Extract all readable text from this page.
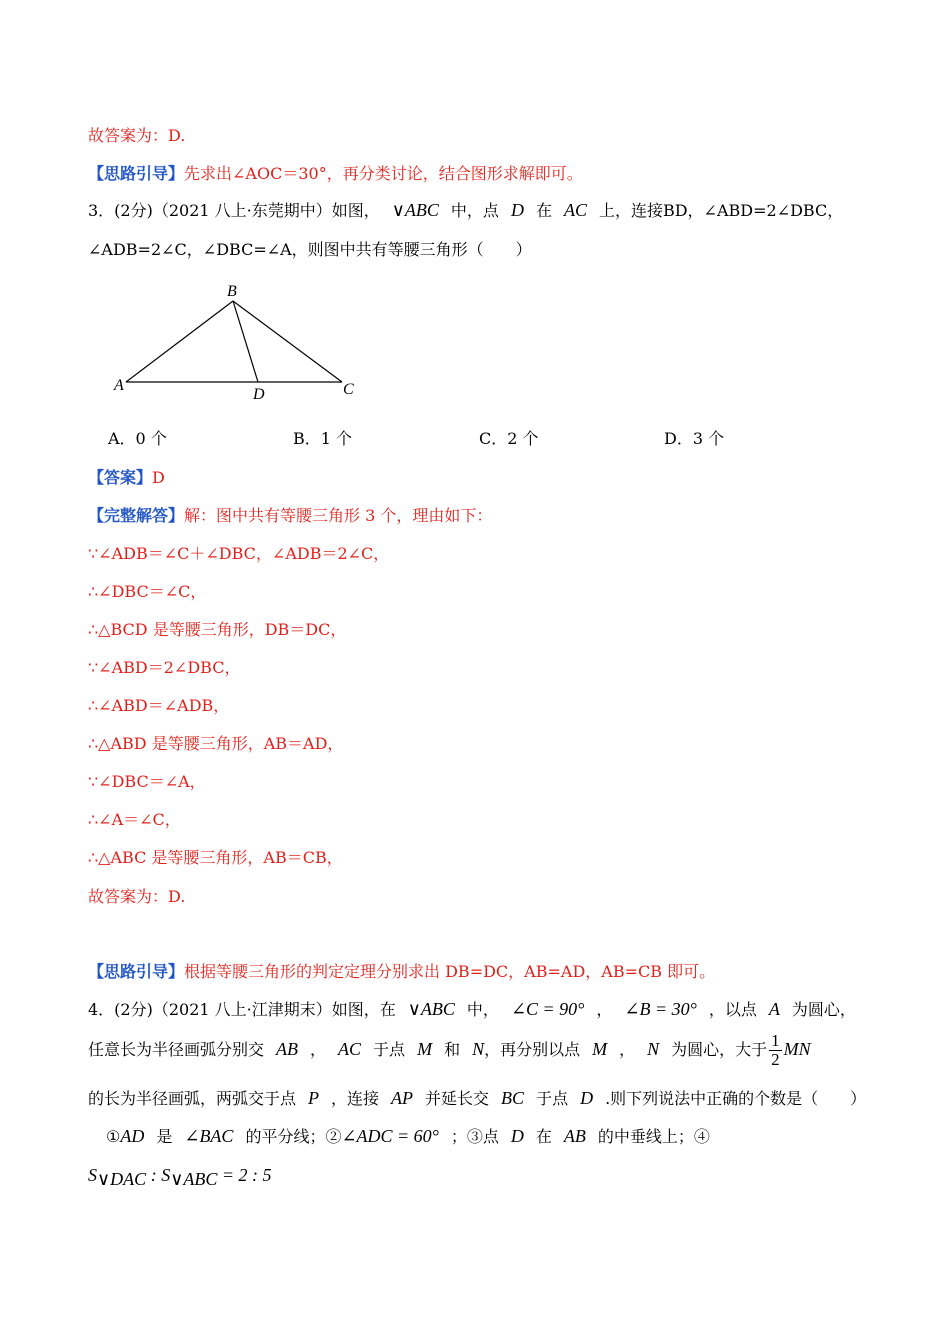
故答案为：D.
【思路引导】先求出∠AOC＝30°，再分类讨论，结合图形求解即可。
3．(2分)（2021 八上·东莞期中）如图， ∨ABC 中，点 D 在 AC 上，连接BD，∠ABD=2∠DBC，
∠ADB=2∠C，∠DBC=∠A，则图中共有等腰三角形（　　）
B
A
D	C
A．0 个	B．1 个	C．2 个	D．3 个
【答案】D
【完整解答】解：图中共有等腰三角形 3 个，理由如下：
∵∠ADB＝∠C＋∠DBC，∠ADB＝2∠C，
∴∠DBC＝∠C，
∴△BCD 是等腰三角形，DB＝DC，
∵∠ABD＝2∠DBC，
∴∠ABD＝∠ADB，
∴△ABD 是等腰三角形，AB＝AD，
∵∠DBC＝∠A，
∴∠A＝∠C，
∴△ABC 是等腰三角形，AB＝CB，
故答案为：D.
【思路引导】根据等腰三角形的判定定理分别求出 DB=DC，AB=AD，AB=CB 即可。
4．(2分)（2021 八上·江津期末）如图，在 ∨ABC 中， ∠C = 90° ， ∠B = 30° ，以点 A 为圆心，
任意长为半径画弧分别交 AB ， AC 于点 M 和 N，再分别以点 M ， N 为圆心，大于 $\frac{1}{2}$ MN
的长为半径画弧，两弧交于点 P ，连接 AP 并延长交 BC 于点 D .则下列说法中正确的个数是（　　）
①AD 是 ∠BAC 的平分线；②∠ADC = 60° ；③点 D 在 AB 的中垂线上；④
$S_{\vee DAC}$ : $S_{\vee ABC} = 2$ : 5
